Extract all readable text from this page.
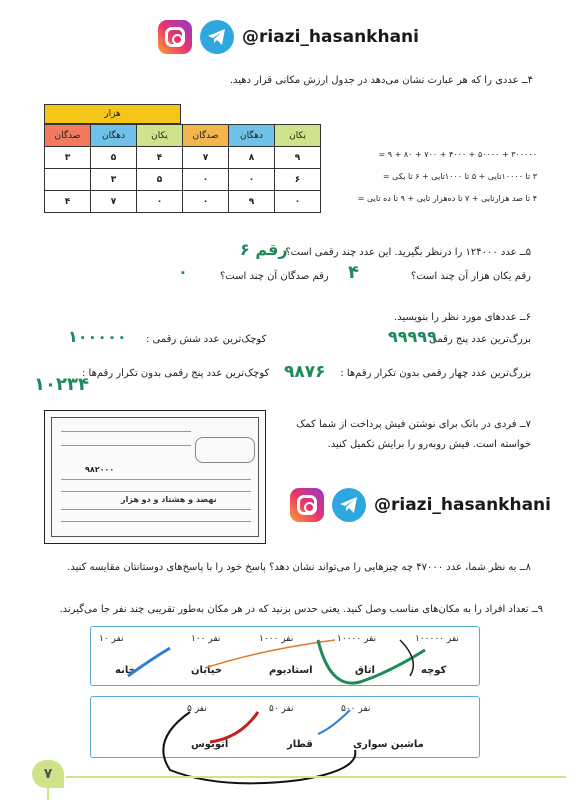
@riazi_hasankhani
۴ــ عددی را که هر عبارت نشان می‌دهد در جدول ارزش مکانی قرار دهید.
هزار
صدگان	دهگان	یکان	صدگان	دهگان	یکان
۳	۵	۴	۷	۸	۹
	۳	۵	۰	۰	۶
۴	۷	۰	۰	۹	۰
۳۰۰۰۰۰ + ۵۰۰۰۰ + ۴۰۰۰ + ۷۰۰ + ۸۰ + ۹ =
۳ تا ۱۰۰۰۰تایی + ۵ تا ۱۰۰۰تایی + ۶ تا یکی =
۴ تا صد هزارتایی + ۷ تا ده‌هزار تایی + ۹ تا ده تایی =
۵ــ عدد ۱۲۴۰۰۰ را درنظر بگیرید. این عدد چند رقمی است؟
۶ رقم
رقم یکان هزار آن چند است؟
۴
رقم صدگان آن چند است؟
۰
۶ــ عددهای مورد نظر را بنویسید.
بزرگ‌ترین عدد پنج رقمی :
۹۹۹۹۹
کوچک‌ترین عدد شش رقمی :
۱۰۰۰۰۰
بزرگ‌ترین عدد چهار رقمی بدون تکرار رقم‌ها :
۹۸۷۶
کوچک‌ترین عدد پنج رقمی بدون تکرار رقم‌ها :
۱۰۲۳۴
۷ــ فردی در بانک برای نوشتن فیش پرداخت از شما کمک
خواسته است. فیش روبه‌رو را برایش تکمیل کنید.
۹۸۲۰۰۰
نهصد و هشتاد و دو هزار	@riazi_hasankhani
۸ــ به نظر شما، عدد ۴۷۰۰۰ چه چیزهایی را می‌تواند نشان دهد؟ پاسخ خود را با پاسخ‌های دوستانتان مقایسه کنید.
۹ــ تعداد افراد را به مکان‌های مناسب وصل کنید. یعنی حدس بزنید که در هر مکان به‌طور تقریبی چند نفر جا می‌گیرند.
۱۰ نفر	۱۰۰ نفر	۱۰۰۰ نفر	۱۰۰۰۰ نفر	۱۰۰۰۰۰ نفر
خانه	خیابان	استادیوم	اتاق	کوچه
۵ نفر	۵۰ نفر	۵۰۰ نفر
اتوبوس	قطار	ماشین سواری
۷
